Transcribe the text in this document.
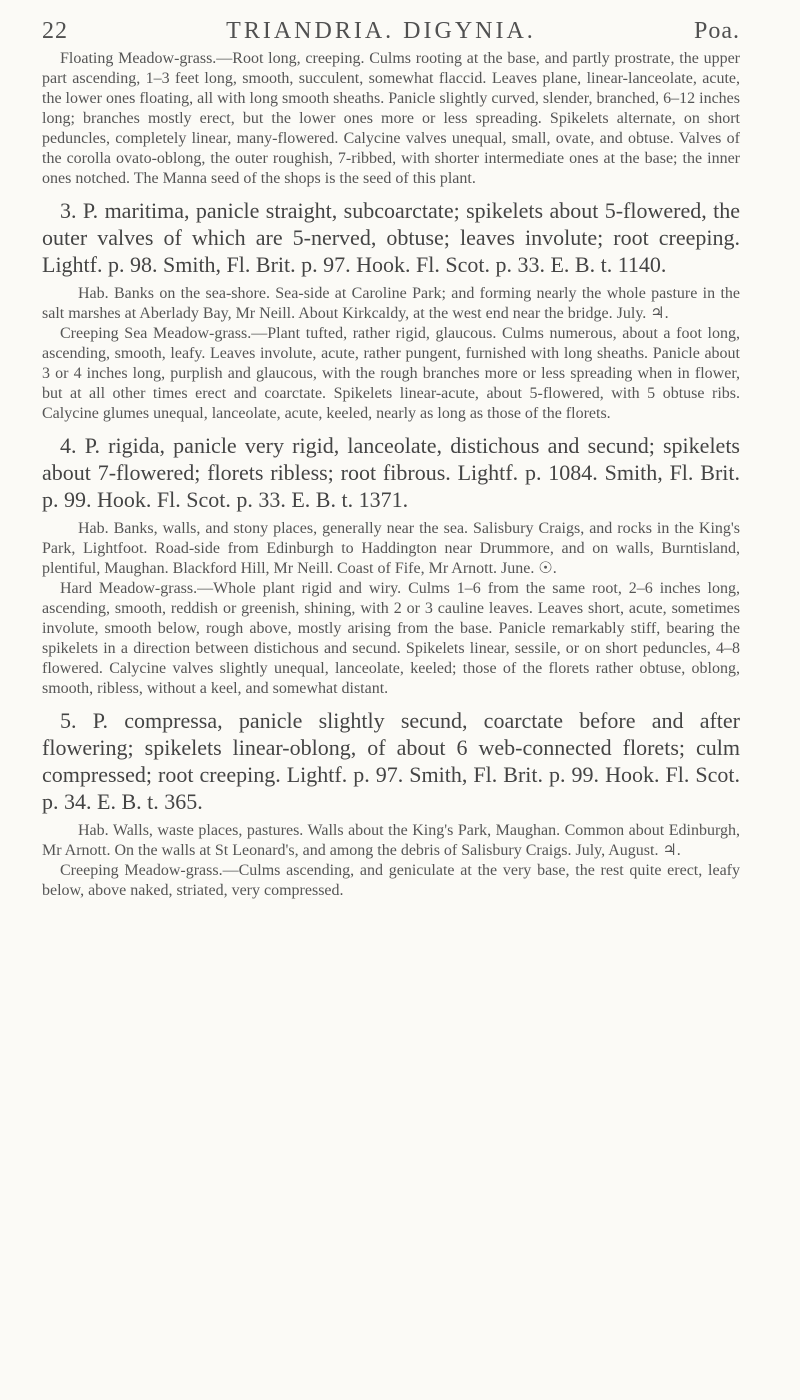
22	TRIANDRIA. DIGYNIA.	Poa.

Floating Meadow-grass.—Root long, creeping. Culms rooting at the base, and partly prostrate, the upper part ascending, 1–3 feet long, smooth, succulent, somewhat flaccid. Leaves plane, linear-lanceolate, acute, the lower ones floating, all with long smooth sheaths. Panicle slightly curved, slender, branched, 6–12 inches long; branches mostly erect, but the lower ones more or less spreading. Spikelets alternate, on short peduncles, completely linear, many-flowered. Calycine valves unequal, small, ovate, and obtuse. Valves of the corolla ovato-oblong, the outer roughish, 7-ribbed, with shorter intermediate ones at the base; the inner ones notched. The Manna seed of the shops is the seed of this plant.

3. P. maritima, panicle straight, subcoarctate; spikelets about 5-flowered, the outer valves of which are 5-nerved, obtuse; leaves involute; root creeping. Lightf. p. 98. Smith, Fl. Brit. p. 97. Hook. Fl. Scot. p. 33. E. B. t. 1140.

Hab. Banks on the sea-shore. Sea-side at Caroline Park; and forming nearly the whole pasture in the salt marshes at Aberlady Bay, Mr Neill. About Kirkcaldy, at the west end near the bridge. July. ♃.

Creeping Sea Meadow-grass.—Plant tufted, rather rigid, glaucous. Culms numerous, about a foot long, ascending, smooth, leafy. Leaves involute, acute, rather pungent, furnished with long sheaths. Panicle about 3 or 4 inches long, purplish and glaucous, with the rough branches more or less spreading when in flower, but at all other times erect and coarctate. Spikelets linear-acute, about 5-flowered, with 5 obtuse ribs. Calycine glumes unequal, lanceolate, acute, keeled, nearly as long as those of the florets.

4. P. rigida, panicle very rigid, lanceolate, distichous and secund; spikelets about 7-flowered; florets ribless; root fibrous. Lightf. p. 1084. Smith, Fl. Brit. p. 99. Hook. Fl. Scot. p. 33. E. B. t. 1371.

Hab. Banks, walls, and stony places, generally near the sea. Salisbury Craigs, and rocks in the King's Park, Lightfoot. Road-side from Edinburgh to Haddington near Drummore, and on walls, Burntisland, plentiful, Maughan. Blackford Hill, Mr Neill. Coast of Fife, Mr Arnott. June. ☉.

Hard Meadow-grass.—Whole plant rigid and wiry. Culms 1–6 from the same root, 2–6 inches long, ascending, smooth, reddish or greenish, shining, with 2 or 3 cauline leaves. Leaves short, acute, sometimes involute, smooth below, rough above, mostly arising from the base. Panicle remarkably stiff, bearing the spikelets in a direction between distichous and secund. Spikelets linear, sessile, or on short peduncles, 4–8 flowered. Calycine valves slightly unequal, lanceolate, keeled; those of the florets rather obtuse, oblong, smooth, ribless, without a keel, and somewhat distant.

5. P. compressa, panicle slightly secund, coarctate before and after flowering; spikelets linear-oblong, of about 6 web-connected florets; culm compressed; root creeping. Lightf. p. 97. Smith, Fl. Brit. p. 99. Hook. Fl. Scot. p. 34. E. B. t. 365.

Hab. Walls, waste places, pastures. Walls about the King's Park, Maughan. Common about Edinburgh, Mr Arnott. On the walls at St Leonard's, and among the debris of Salisbury Craigs. July, August. ♃.

Creeping Meadow-grass.—Culms ascending, and geniculate at the very base, the rest quite erect, leafy below, above naked, striated, very compressed.
